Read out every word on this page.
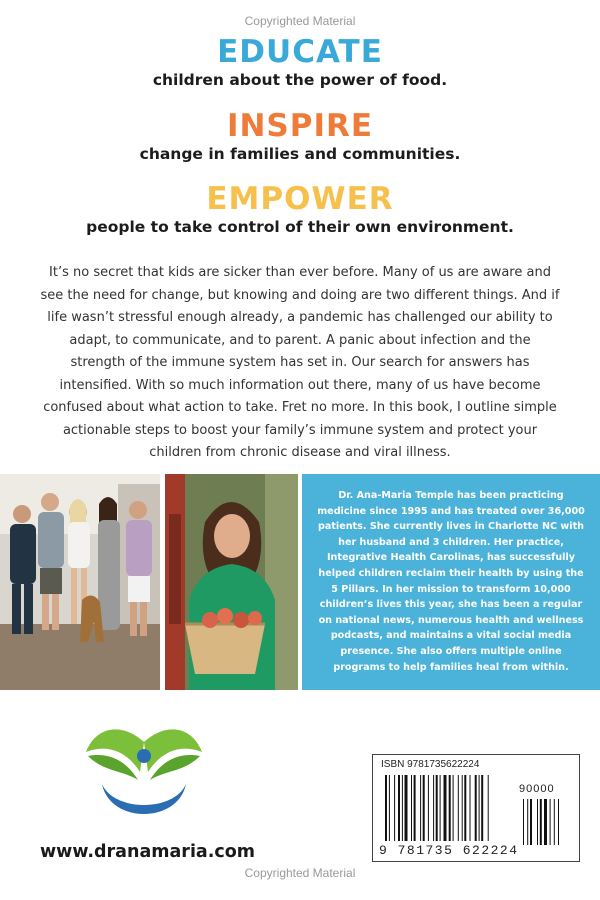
Copyrighted Material
EDUCATE
children about the power of food.
INSPIRE
change in families and communities.
EMPOWER
people to take control of their own environment.
It’s no secret that kids are sicker than ever before. Many of us are aware and see the need for change, but knowing and doing are two different things. And if life wasn’t stressful enough already, a pandemic has challenged our ability to adapt, to communicate, and to parent. A panic about infection and the strength of the immune system has set in. Our search for answers has intensified. With so much information out there, many of us have become confused about what action to take. Fret no more. In this book, I outline simple actionable steps to boost your family’s immune system and protect your children from chronic disease and viral illness.
Dr. Ana-Maria Temple has been practicing medicine since 1995 and has treated over 36,000 patients. She currently lives in Charlotte NC with her husband and 3 children. Her practice, Integrative Health Carolinas, has successfully helped children reclaim their health by using the 5 Pillars. In her mission to transform 10,000 children’s lives this year, she has been a regular on national news, numerous health and wellness podcasts, and maintains a vital social media presence. She also offers multiple online programs to help families heal from within.
www.dranamaria.com
ISBN 9781735622224
90000
9 781735 622224
Copyrighted Material
